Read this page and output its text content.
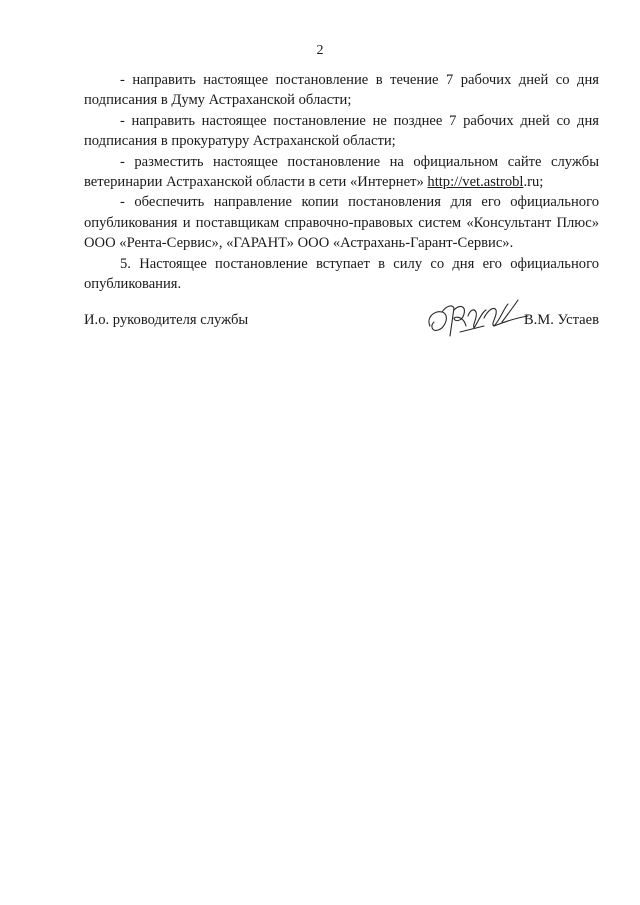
2

- направить настоящее постановление в течение 7 рабочих дней со дня подписания в Думу Астраханской области;

- направить настоящее постановление не позднее 7 рабочих дней со дня подписания в прокуратуру Астраханской области;

- разместить настоящее постановление на официальном сайте службы ветеринарии Астраханской области в сети «Интернет» http://vet.astrobl.ru;

- обеспечить направление копии постановления для его официального опубликования и поставщикам справочно-правовых систем «Консультант Плюс» ООО «Рента-Сервис», «ГАРАНТ» ООО «Астрахань-Гарант-Сервис».

5. Настоящее постановление вступает в силу со дня его официального опубликования.

И.о. руководителя службы	В.М. Устаев
